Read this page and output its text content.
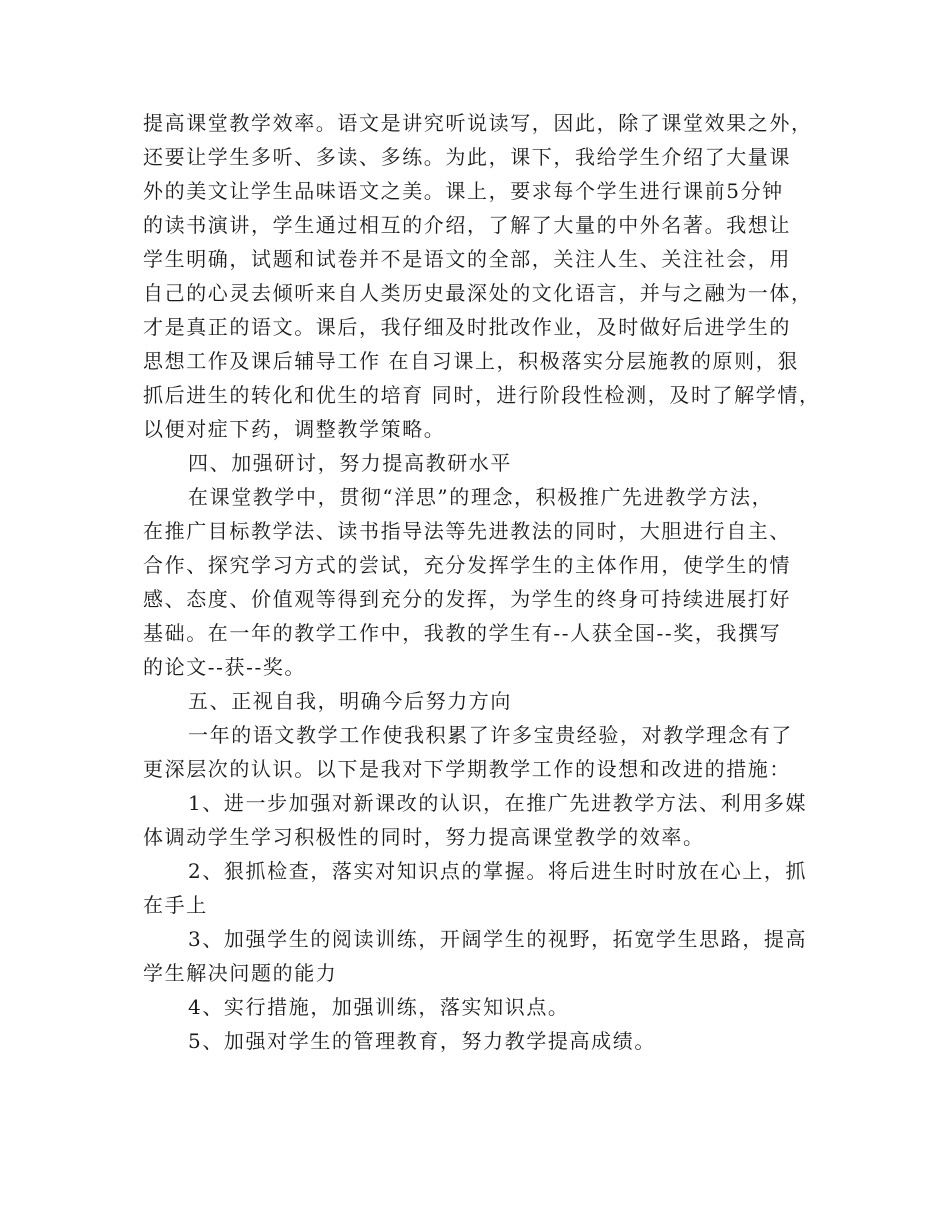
提高课堂教学效率。语文是讲究听说读写，因此，除了课堂效果之外，
还要让学生多听、多读、多练。为此，课下，我给学生介绍了大量课
外的美文让学生品味语文之美。课上，要求每个学生进行课前5分钟
的读书演讲，学生通过相互的介绍，了解了大量的中外名著。我想让
学生明确，试题和试卷并不是语文的全部，关注人生、关注社会，用
自己的心灵去倾听来自人类历史最深处的文化语言，并与之融为一体，
才是真正的语文。课后，我仔细及时批改作业，及时做好后进学生的
思想工作及课后辅导工作 在自习课上，积极落实分层施教的原则，狠
抓后进生的转化和优生的培育 同时，进行阶段性检测，及时了解学情，
以便对症下药，调整教学策略。
四、加强研讨，努力提高教研水平
在课堂教学中，贯彻“洋思”的理念，积极推广先进教学方法，
在推广目标教学法、读书指导法等先进教法的同时，大胆进行自主、
合作、探究学习方式的尝试，充分发挥学生的主体作用，使学生的情
感、态度、价值观等得到充分的发挥，为学生的终身可持续进展打好
基础。在一年的教学工作中，我教的学生有--人获全国--奖，我撰写
的论文--获--奖。
五、正视自我，明确今后努力方向
一年的语文教学工作使我积累了许多宝贵经验，对教学理念有了
更深层次的认识。以下是我对下学期教学工作的设想和改进的措施：
1、进一步加强对新课改的认识，在推广先进教学方法、利用多媒
体调动学生学习积极性的同时，努力提高课堂教学的效率。
2、狠抓检查，落实对知识点的掌握。将后进生时时放在心上，抓
在手上
3、加强学生的阅读训练，开阔学生的视野，拓宽学生思路，提高
学生解决问题的能力
4、实行措施，加强训练，落实知识点。
5、加强对学生的管理教育，努力教学提高成绩。
